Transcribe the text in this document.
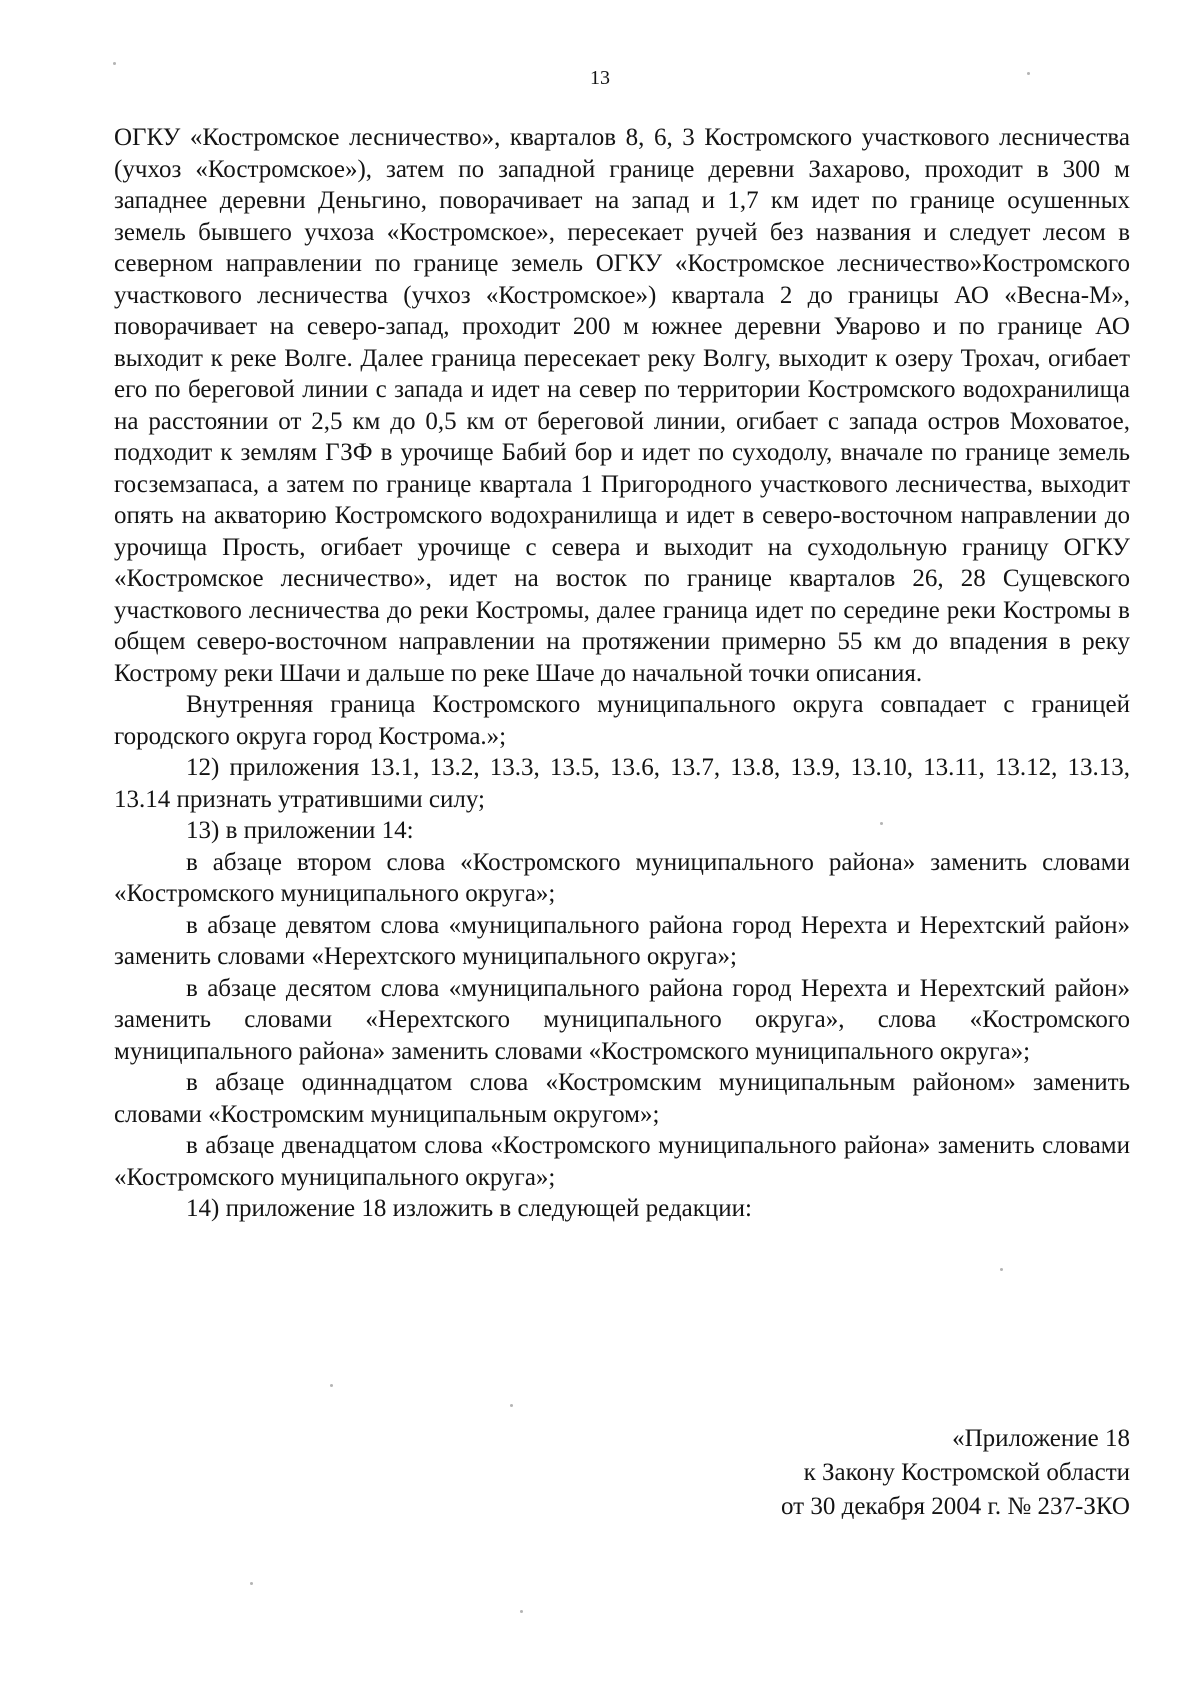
13

ОГКУ «Костромское лесничество», кварталов 8, 6, 3 Костромского участкового лесничества (учхоз «Костромское»), затем по западной границе деревни Захарово, проходит в 300 м западнее деревни Деньгино, поворачивает на запад и 1,7 км идет по границе осушенных земель бывшего учхоза «Костромское», пересекает ручей без названия и следует лесом в северном направлении по границе земель ОГКУ «Костромское лесничество»Костромского участкового лесничества (учхоз «Костромское») квартала 2 до границы АО «Весна-М», поворачивает на северо-запад, проходит 200 м южнее деревни Уварово и по границе АО выходит к реке Волге. Далее граница пересекает реку Волгу, выходит к озеру Трохач, огибает его по береговой линии с запада и идет на север по территории Костромского водохранилища на расстоянии от 2,5 км до 0,5 км от береговой линии, огибает с запада остров Моховатое, подходит к землям ГЗФ в урочище Бабий бор и идет по суходолу, вначале по границе земель госземзапаса, а затем по границе квартала 1 Пригородного участкового лесничества, выходит опять на акваторию Костромского водохранилища и идет в северо-восточном направлении до урочища Прость, огибает урочище с севера и выходит на суходольную границу ОГКУ «Костромское лесничество», идет на восток по границе кварталов 26, 28 Сущевского участкового лесничества до реки Костромы, далее граница идет по середине реки Костромы в общем северо-восточном направлении на протяжении примерно 55 км до впадения в реку Кострому реки Шачи и дальше по реке Шаче до начальной точки описания.

Внутренняя граница Костромского муниципального округа совпадает с границей городского округа город Кострома.»;

12) приложения 13.1, 13.2, 13.3, 13.5, 13.6, 13.7, 13.8, 13.9, 13.10, 13.11, 13.12, 13.13, 13.14 признать утратившими силу;

13) в приложении 14:

в абзаце втором слова «Костромского муниципального района» заменить словами «Костромского муниципального округа»;

в абзаце девятом слова «муниципального района город Нерехта и Нерехтский район» заменить словами «Нерехтского муниципального округа»;

в абзаце десятом слова «муниципального района город Нерехта и Нерехтский район» заменить словами «Нерехтского муниципального округа», слова «Костромского муниципального района» заменить словами «Костромского муниципального округа»;

в абзаце одиннадцатом слова «Костромским муниципальным районом» заменить словами «Костромским муниципальным округом»;

в абзаце двенадцатом слова «Костромского муниципального района» заменить словами «Костромского муниципального округа»;

14) приложение 18 изложить в следующей редакции:

«Приложение 18
к Закону Костромской области
от 30 декабря 2004 г. № 237-ЗКО
